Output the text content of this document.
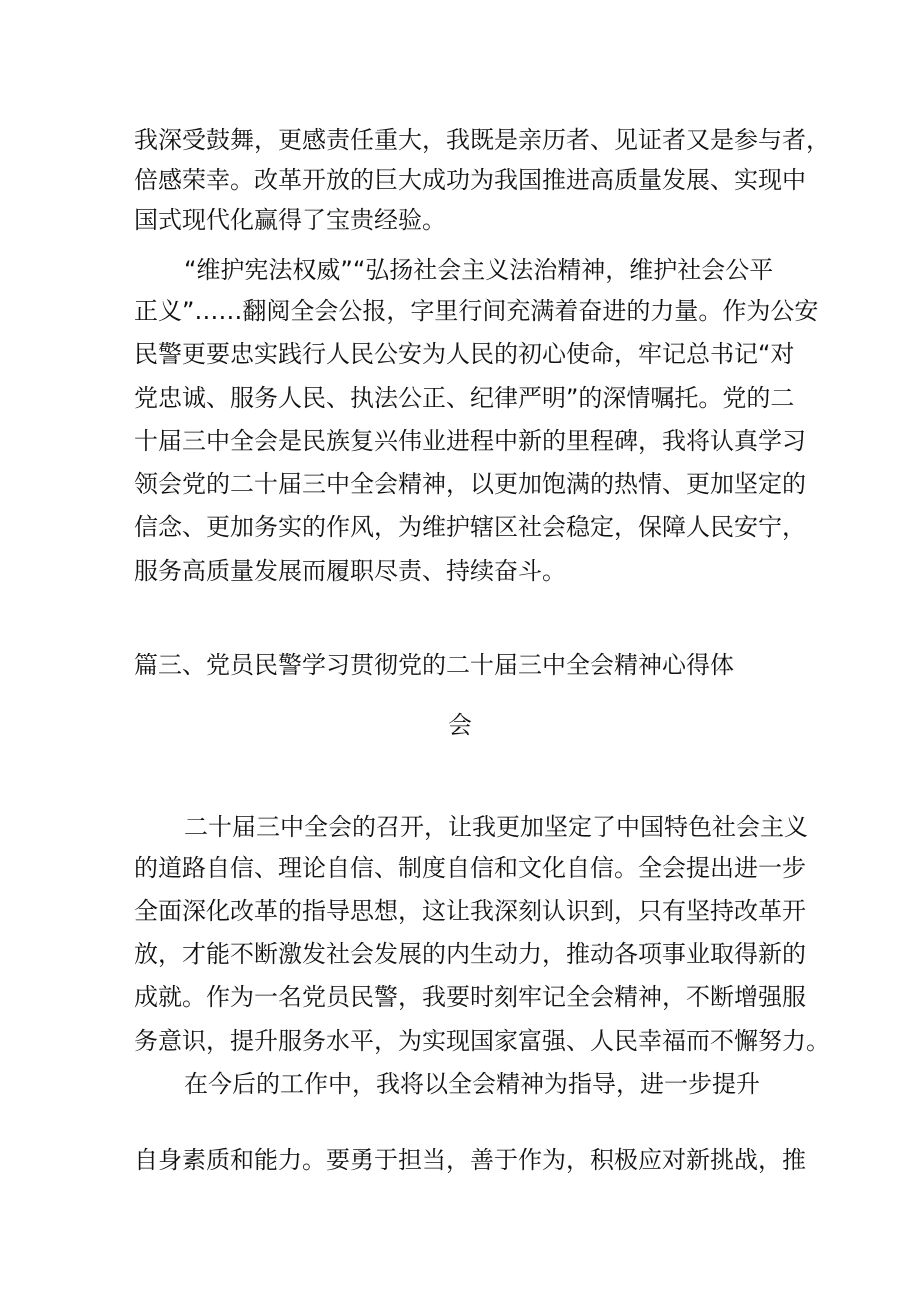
我深受鼓舞，更感责任重大，我既是亲历者、见证者又是参与者，
倍感荣幸。改革开放的巨大成功为我国推进高质量发展、实现中
国式现代化赢得了宝贵经验。
“维护宪法权威”“弘扬社会主义法治精神，维护社会公平
正义”……翻阅全会公报，字里行间充满着奋进的力量。作为公安
民警更要忠实践行人民公安为人民的初心使命，牢记总书记“对
党忠诚、服务人民、执法公正、纪律严明”的深情嘱托。党的二
十届三中全会是民族复兴伟业进程中新的里程碑，我将认真学习
领会党的二十届三中全会精神，以更加饱满的热情、更加坚定的
信念、更加务实的作风，为维护辖区社会稳定，保障人民安宁，
服务高质量发展而履职尽责、持续奋斗。
篇三、党员民警学习贯彻党的二十届三中全会精神心得体
会
二十届三中全会的召开，让我更加坚定了中国特色社会主义
的道路自信、理论自信、制度自信和文化自信。全会提出进一步
全面深化改革的指导思想，这让我深刻认识到，只有坚持改革开
放，才能不断激发社会发展的内生动力，推动各项事业取得新的
成就。作为一名党员民警，我要时刻牢记全会精神，不断增强服
务意识，提升服务水平，为实现国家富强、人民幸福而不懈努力。
在今后的工作中，我将以全会精神为指导，进一步提升
自身素质和能力。要勇于担当，善于作为，积极应对新挑战，推
